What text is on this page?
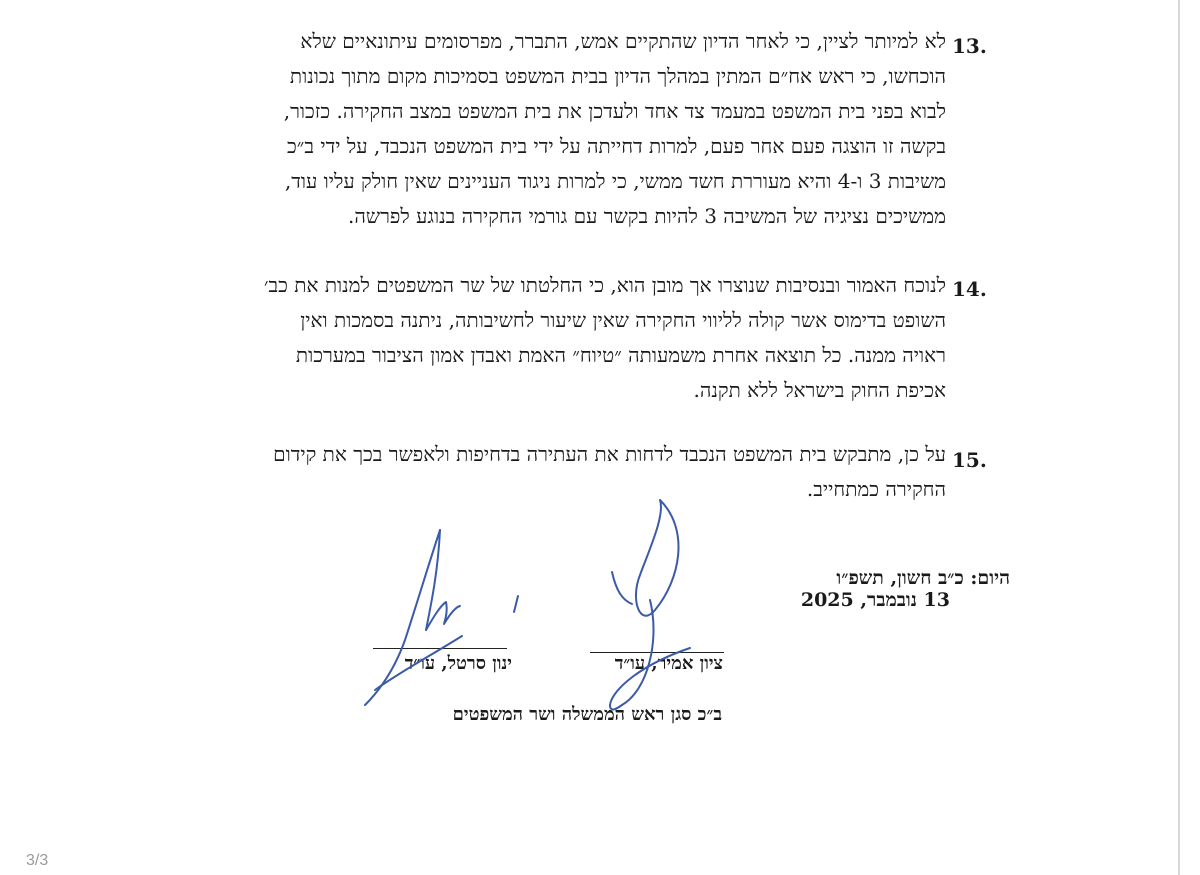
13.
לא למיותר לציין, כי לאחר הדיון שהתקיים אמש, התברר, מפרסומים עיתונאיים שלא
הוכחשו, כי ראש אח״ם המתין במהלך הדיון בבית המשפט בסמיכות מקום מתוך נכונות
לבוא בפני בית המשפט במעמד צד אחד ולעדכן את בית המשפט במצב החקירה. כזכור,
בקשה זו הוצגה פעם אחר פעם, למרות דחייתה על ידי בית המשפט הנכבד, על ידי ב״כ
משיבות 3 ו-4 והיא מעוררת חשד ממשי, כי למרות ניגוד העניינים שאין חולק עליו עוד,
ממשיכים נציגיה של המשיבה 3 להיות בקשר עם גורמי החקירה בנוגע לפרשה.
14.
לנוכח האמור ובנסיבות שנוצרו אך מובן הוא, כי החלטתו של שר המשפטים למנות את כב׳
השופט בדימוס אשר קולה לליווי החקירה שאין שיעור לחשיבותה, ניתנה בסמכות ואין
ראויה ממנה. כל תוצאה אחרת משמעותה ״טיוח״ האמת ואבדן אמון הציבור במערכות
אכיפת החוק בישראל ללא תקנה.
15.
על כן, מתבקש בית המשפט הנכבד לדחות את העתירה בדחיפות ולאפשר בכך את קידום
החקירה כמתחייב.
היום: כ״ב חשון, תשפ״ו
13 נובמבר, 2025
ציון אמיר, עו״ד
ינון סרטל, עו״ד
ב״כ סגן ראש הממשלה ושר המשפטים
3/3
